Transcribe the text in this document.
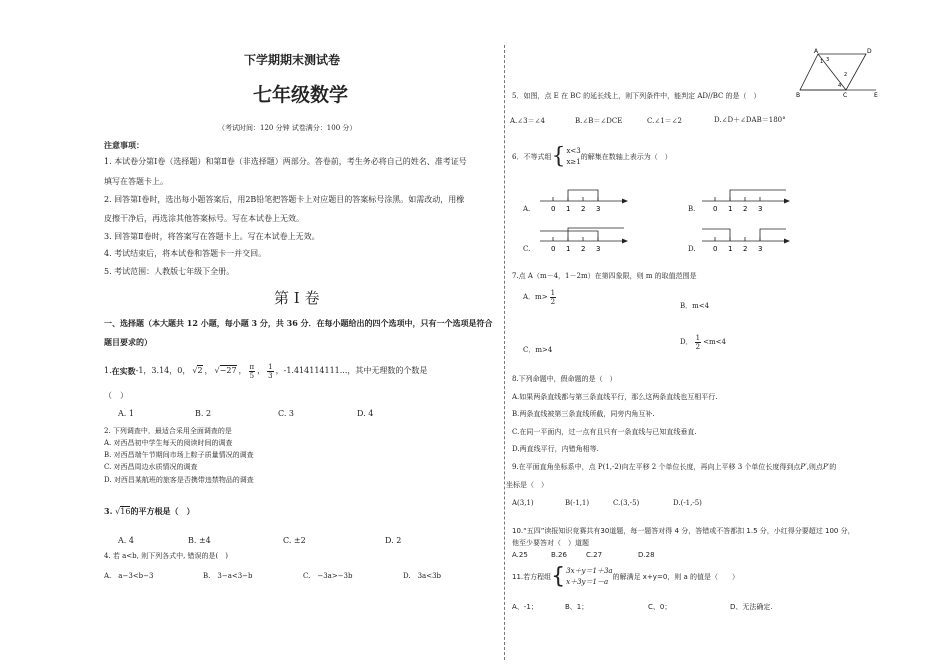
下学期期末测试卷
七年级数学
（考试时间：120 分钟 试卷满分：100 分）
注意事项：
1. 本试卷分第Ⅰ卷（选择题）和第Ⅱ卷（非选择题）两部分。答卷前，考生务必将自己的姓名、准考证号
填写在答题卡上。
2. 回答第Ⅰ卷时，选出每小题答案后，用2B铅笔把答题卡上对应题目的答案标号涂黑。如需改动，用橡
皮擦干净后，再选涂其他答案标号。写在本试卷上无效。
3. 回答第Ⅱ卷时，将答案写在答题卡上。写在本试卷上无效。
4. 考试结束后，将本试卷和答题卡一并交回。
5. 考试范围：人教版七年级下全册。
第 I 卷
一、选择题（本大题共 12 小题，每小题 3 分，共 36 分．在每小题给出的四个选项中，只有一个选项是符合
题目要求的）
1. 在实数 -1，3.14，0， √2 ， √−27 ， $\frac{\pi}{5}$ ， $\frac{1}{3}$ ，-1.414114111...，其中无理数的个数是
（　）
A. 1	B. 2	C. 3	D. 4
2. 下列调查中，最适合采用全面调查的是
A. 对西昌初中学生每天的阅读时间的调查
B. 对西昌端午节期间市场上粽子质量情况的调查
C. 对西昌周边水质情况的调查
D. 对西昌某航班的旅客是否携带违禁物品的调查
3. √16的平方根是（　）
A. 4	B. ±4	C. ±2	D. 2
4. 若 a<b, 则下列各式中, 错误的是(　)
A.　a−3<b−3	B.　3−a<3−b	C.　−3a>−3b	D.　3a<3b
A	D
B	C	E
1
2
3
4
5．如图，点 E 在 BC 的延长线上，则下列条件中，能判定 AD//BC 的是（　）
A.∠3＝∠4	B.∠B＝∠DCE	C.∠1＝∠2	D.∠D＋∠DAB＝180°
6．不等式组 { x<3
x≥1
的解集在数轴上表示为（　）
A.	0 1 2 3	B.	0 1 2 3
C.	0 1 2 3	D. 0 1 2 3
7.点 A（m－4，1－2m）在第四象限，则 m 的取值范围是
A．$m> \frac{1}{2}$
B．m<4
C．m>4
D． $\frac{1}{2} <m<4$
8.下列命题中，假命题的是（　）
A.如果两条直线都与第三条直线平行，那么这两条直线也互相平行.
B.两条直线被第三条直线所截，同旁内角互补.
C.在同一平面内，过一点有且只有一条直线与已知直线垂直.
D.两直线平行，内错角相等.
9.在平面直角坐标系中，点 P(1,-2)向左平移 2 个单位长度，再向上平移 3 个单位长度得到点P′,则点P′的
坐标是（　）
A(3,1)	B(-1,1)	C.(3,-5)	D.(-1,-5)
10.“五四”读报知识竞赛共有30道题，每一题答对得 4 分，答错或不答都扣 1.5 分，小红得分要超过 100 分，
他至少要答对（　）道题
A.25	B.26	C.27	D.28
11.若方程组 { 3x＋y＝1＋3a
x＋3y＝1－a
的解满足 x+y=0，则 a 的值是（　　）
A、-1；	B、1；	C、0；	D、无法确定.
